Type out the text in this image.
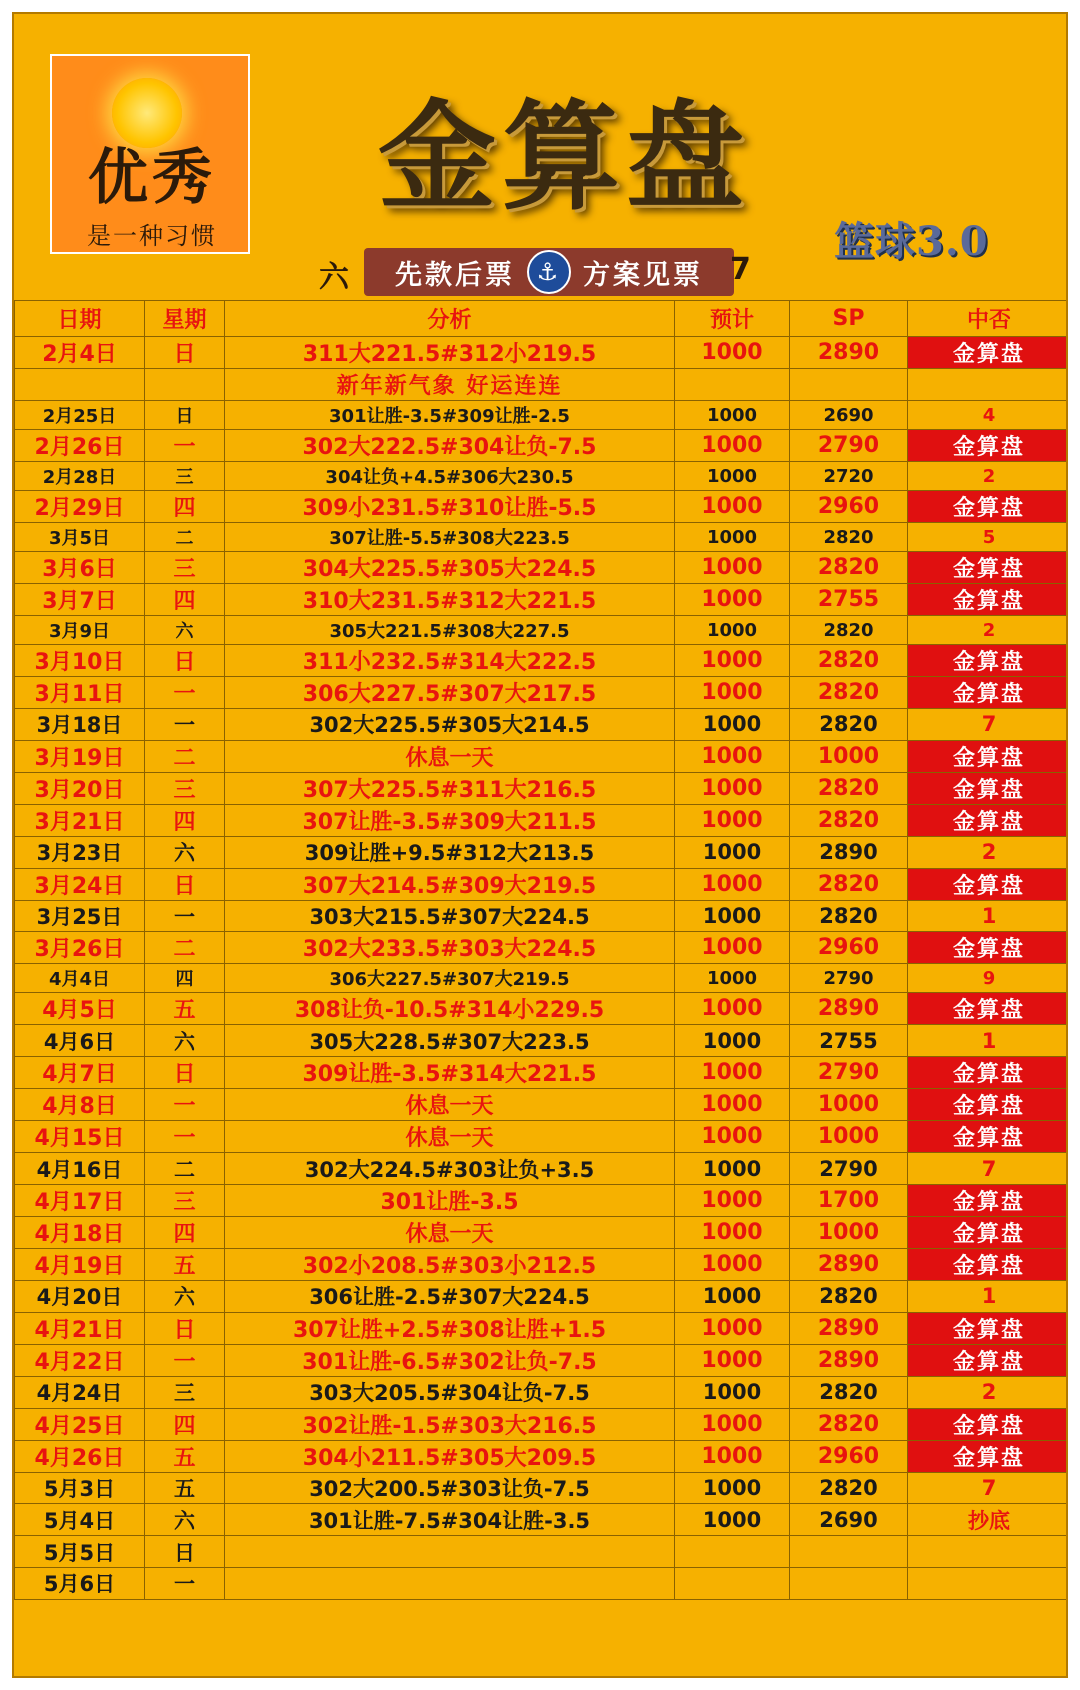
优秀
是一种习惯
金算盘
篮球3.0
六	先款后票 ⚓ 方案见票 7
日期	星期	分析	预计	SP	中否
2月4日	日	311大221.5#312小219.5	1000	2890	金算盘
		新年新气象 好运连连			
2月25日	日	301让胜-3.5#309让胜-2.5	1000	2690	4
2月26日	一	302大222.5#304让负-7.5	1000	2790	金算盘
2月28日	三	304让负+4.5#306大230.5	1000	2720	2
2月29日	四	309小231.5#310让胜-5.5	1000	2960	金算盘
3月5日	二	307让胜-5.5#308大223.5	1000	2820	5
3月6日	三	304大225.5#305大224.5	1000	2820	金算盘
3月7日	四	310大231.5#312大221.5	1000	2755	金算盘
3月9日	六	305大221.5#308大227.5	1000	2820	2
3月10日	日	311小232.5#314大222.5	1000	2820	金算盘
3月11日	一	306大227.5#307大217.5	1000	2820	金算盘
3月18日	一	302大225.5#305大214.5	1000	2820	7
3月19日	二	休息一天	1000	1000	金算盘
3月20日	三	307大225.5#311大216.5	1000	2820	金算盘
3月21日	四	307让胜-3.5#309大211.5	1000	2820	金算盘
3月23日	六	309让胜+9.5#312大213.5	1000	2890	2
3月24日	日	307大214.5#309大219.5	1000	2820	金算盘
3月25日	一	303大215.5#307大224.5	1000	2820	1
3月26日	二	302大233.5#303大224.5	1000	2960	金算盘
4月4日	四	306大227.5#307大219.5	1000	2790	9
4月5日	五	308让负-10.5#314小229.5	1000	2890	金算盘
4月6日	六	305大228.5#307大223.5	1000	2755	1
4月7日	日	309让胜-3.5#314大221.5	1000	2790	金算盘
4月8日	一	休息一天	1000	1000	金算盘
4月15日	一	休息一天	1000	1000	金算盘
4月16日	二	302大224.5#303让负+3.5	1000	2790	7
4月17日	三	301让胜-3.5	1000	1700	金算盘
4月18日	四	休息一天	1000	1000	金算盘
4月19日	五	302小208.5#303小212.5	1000	2890	金算盘
4月20日	六	306让胜-2.5#307大224.5	1000	2820	1
4月21日	日	307让胜+2.5#308让胜+1.5	1000	2890	金算盘
4月22日	一	301让胜-6.5#302让负-7.5	1000	2890	金算盘
4月24日	三	303大205.5#304让负-7.5	1000	2820	2
4月25日	四	302让胜-1.5#303大216.5	1000	2820	金算盘
4月26日	五	304小211.5#305大209.5	1000	2960	金算盘
5月3日	五	302大200.5#303让负-7.5	1000	2820	7
5月4日	六	301让胜-7.5#304让胜-3.5	1000	2690	抄底
5月5日	日				
5月6日	一				
